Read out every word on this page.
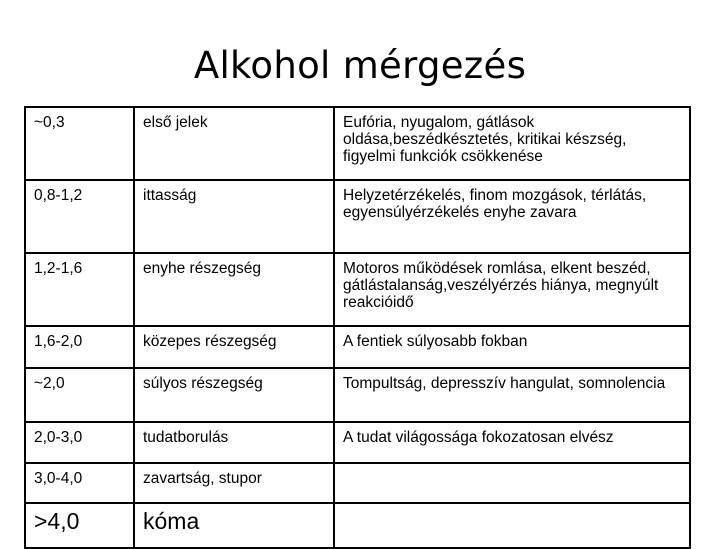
Alkohol mérgezés
~0,3	első jelek	Eufória, nyugalom, gátlások oldása,beszédkésztetés, kritikai készség, figyelmi funkciók csökkenése
0,8-1,2	ittasság	Helyzetérzékelés, finom mozgások, térlátás, egyensúlyérzékelés enyhe zavara
1,2-1,6	enyhe részegség	Motoros működések romlása, elkent beszéd, gátlástalanság,veszélyérzés hiánya, megnyúlt reakcióidő
1,6-2,0	közepes részegség	A fentiek súlyosabb fokban
~2,0	súlyos részegség	Tompultság, depresszív hangulat, somnolencia
2,0-3,0	tudatborulás	A tudat világossága fokozatosan elvész
3,0-4,0	zavartság, stupor	
>4,0	kóma	
